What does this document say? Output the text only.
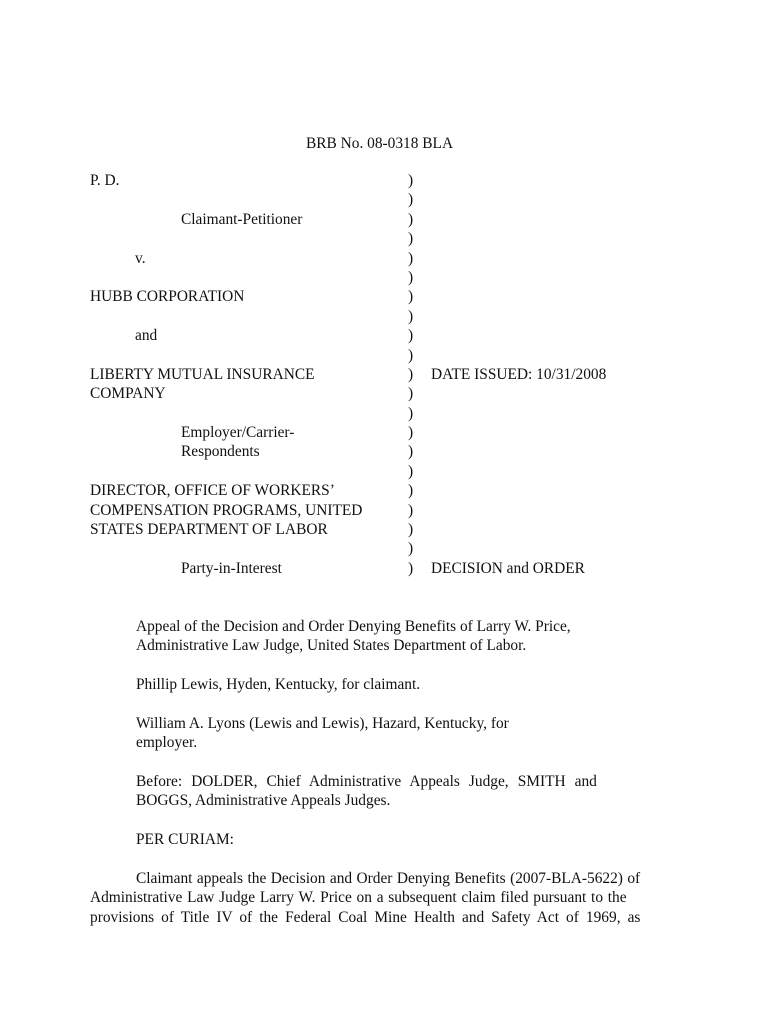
BRB No. 08-0318 BLA
P. D.
Claimant-Petitioner
v.
HUBB CORPORATION
and
LIBERTY MUTUAL INSURANCE
COMPANY
Employer/Carrier-
Respondents
DIRECTOR, OFFICE OF WORKERS’
COMPENSATION PROGRAMS, UNITED
STATES DEPARTMENT OF LABOR
Party-in-Interest
)
)
)
)
)
)
)
)
)
)
)
)
)
)
)
)
)
)
)
)
)
DATE ISSUED: 10/31/2008
DECISION and ORDER
Appeal of the Decision and Order Denying Benefits of Larry W. Price,
Administrative Law Judge, United States Department of Labor.
Phillip Lewis, Hyden, Kentucky, for claimant.
William A. Lyons (Lewis and Lewis), Hazard, Kentucky, for
employer.
Before: DOLDER, Chief Administrative Appeals Judge, SMITH and
BOGGS, Administrative Appeals Judges.
PER CURIAM:
Claimant appeals the Decision and Order Denying Benefits (2007-BLA-5622) of
Administrative Law Judge Larry W. Price on a subsequent claim filed pursuant to the
provisions of Title IV of the Federal Coal Mine Health and Safety Act of 1969, as
